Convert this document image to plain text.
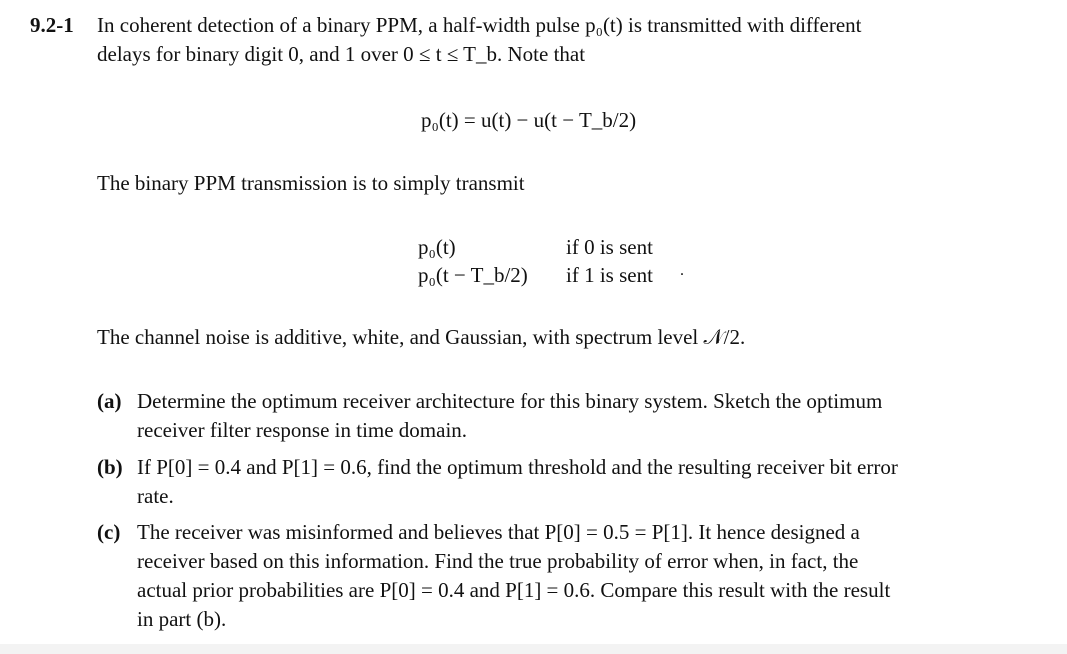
9.2-1 In coherent detection of a binary PPM, a half-width pulse p₀(t) is transmitted with different
delays for binary digit 0, and 1 over 0 ≤ t ≤ T_b. Note that
p₀(t) = u(t) − u(t − T_b/2)
The binary PPM transmission is to simply transmit
p₀(t)	if 0 is sent
p₀(t − T_b/2) if 1 is sent .
The channel noise is additive, white, and Gaussian, with spectrum level 𝒩/2.
(a) Determine the optimum receiver architecture for this binary system. Sketch the optimum
receiver filter response in time domain.
(b) If P[0] = 0.4 and P[1] = 0.6, find the optimum threshold and the resulting receiver bit error
rate.
(c) The receiver was misinformed and believes that P[0] = 0.5 = P[1]. It hence designed a
receiver based on this information. Find the true probability of error when, in fact, the
actual prior probabilities are P[0] = 0.4 and P[1] = 0.6. Compare this result with the result
in part (b).
